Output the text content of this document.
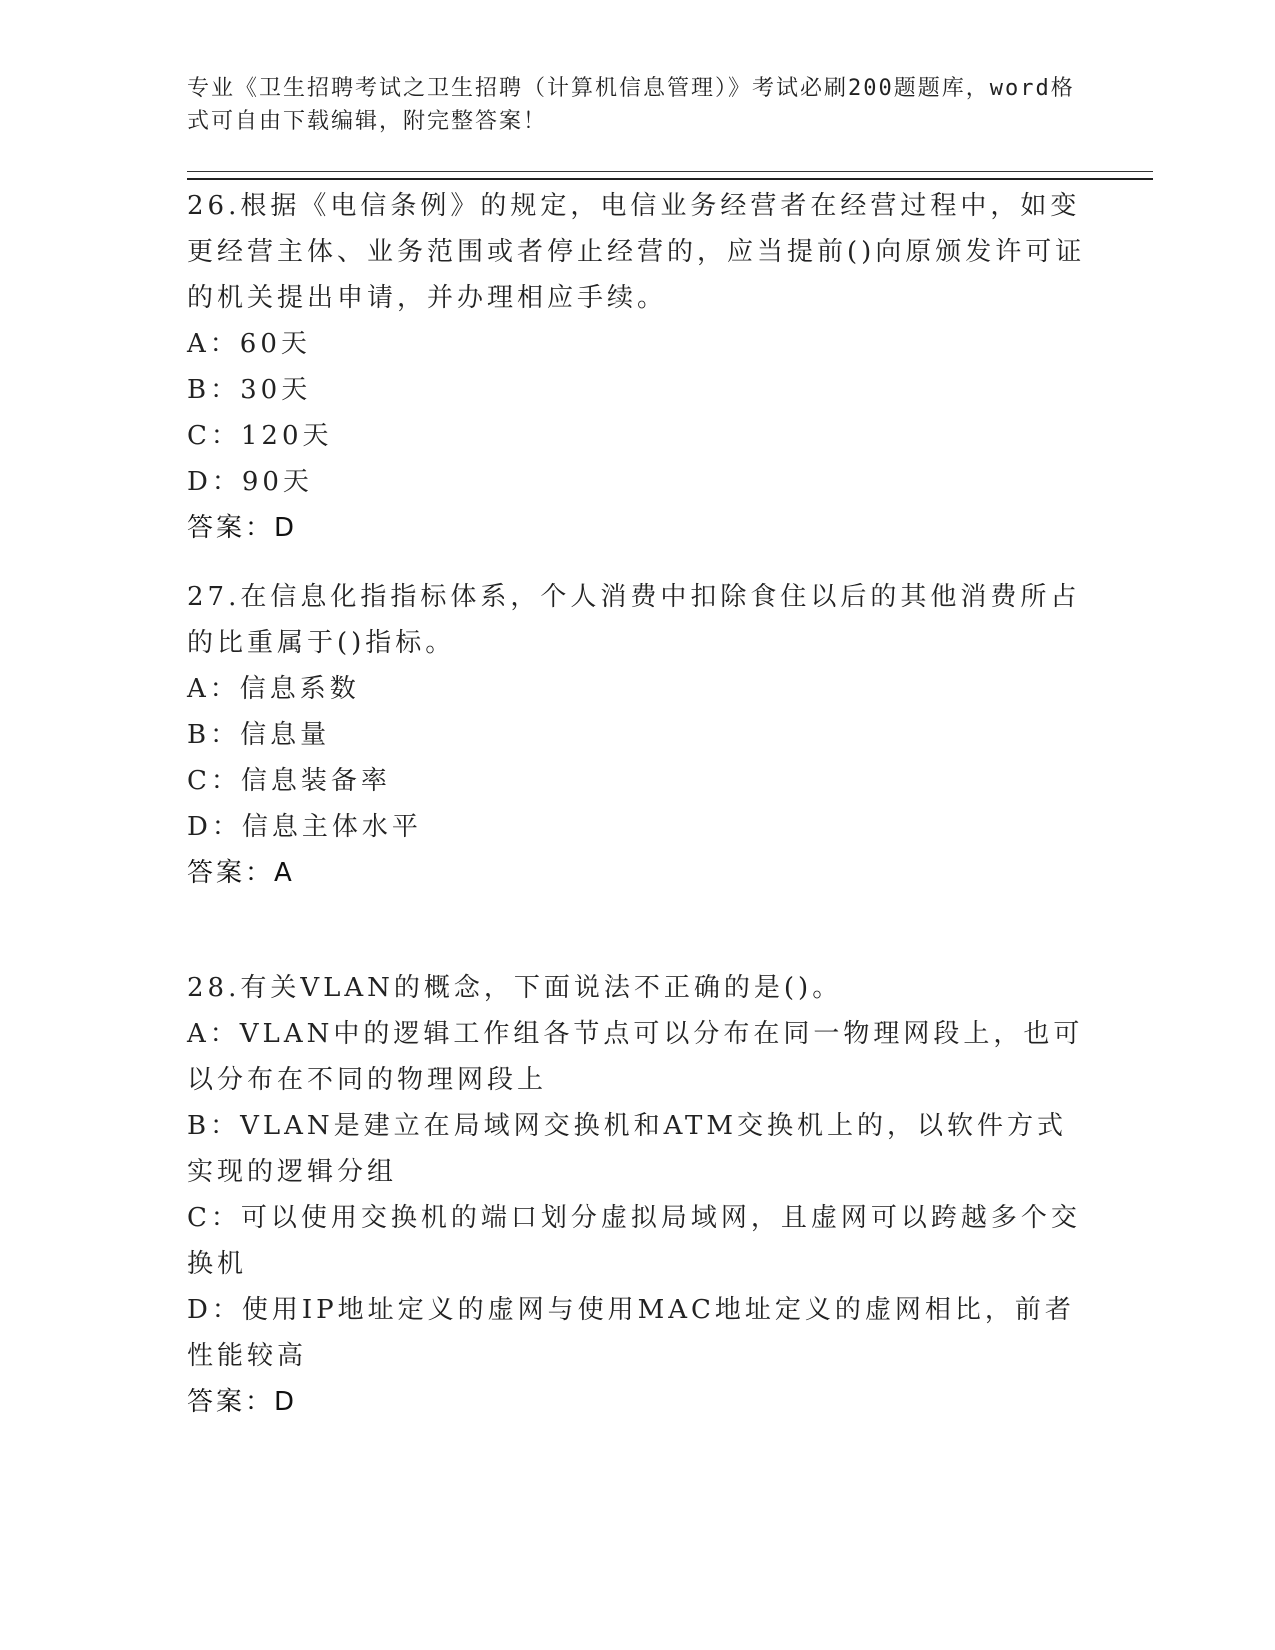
专业《卫生招聘考试之卫生招聘（计算机信息管理）》考试必刷200题题库，word格式可自由下载编辑，附完整答案！

26.根据《电信条例》的规定，电信业务经营者在经营过程中，如变更经营主体、业务范围或者停止经营的，应当提前()向原颁发许可证的机关提出申请，并办理相应手续。

A：60天

B：30天

C：120天

D：90天

答案：D

27.在信息化指指标体系，个人消费中扣除食住以后的其他消费所占的比重属于()指标。

A：信息系数

B：信息量

C：信息装备率

D：信息主体水平

答案：A

28.有关VLAN的概念，下面说法不正确的是()。

A：VLAN中的逻辑工作组各节点可以分布在同一物理网段上，也可以分布在不同的物理网段上

B：VLAN是建立在局域网交换机和ATM交换机上的，以软件方式实现的逻辑分组

C：可以使用交换机的端口划分虚拟局域网，且虚网可以跨越多个交换机

D：使用IP地址定义的虚网与使用MAC地址定义的虚网相比，前者性能较高

答案：D
